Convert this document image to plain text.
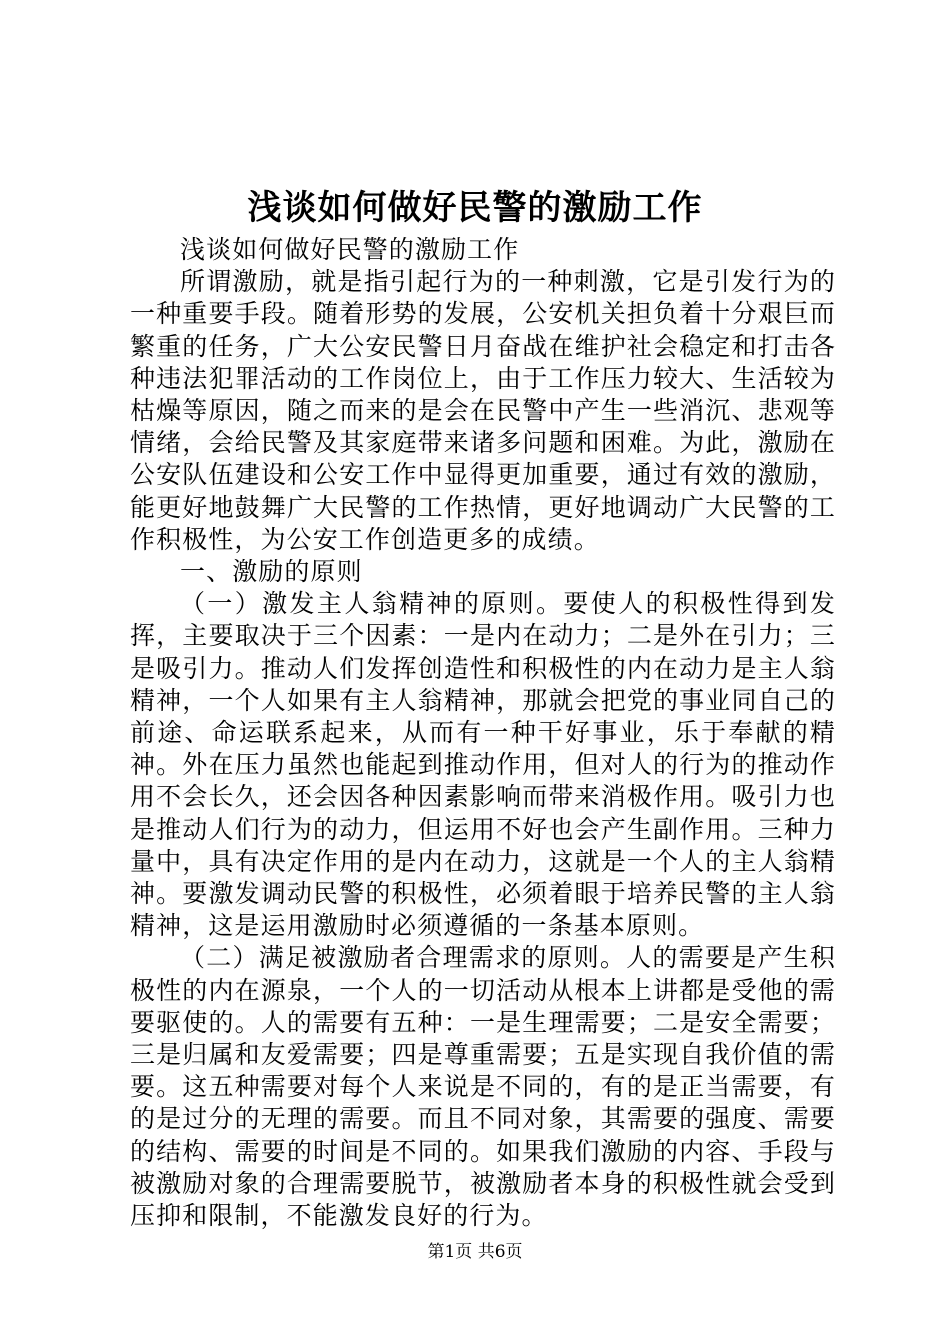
浅谈如何做好民警的激励工作

浅谈如何做好民警的激励工作

所谓激励，就是指引起行为的一种刺激，它是引发行为的一种重要手段。随着形势的发展，公安机关担负着十分艰巨而繁重的任务，广大公安民警日月奋战在维护社会稳定和打击各种违法犯罪活动的工作岗位上，由于工作压力较大、生活较为枯燥等原因，随之而来的是会在民警中产生一些消沉、悲观等情绪，会给民警及其家庭带来诸多问题和困难。为此，激励在公安队伍建设和公安工作中显得更加重要，通过有效的激励，能更好地鼓舞广大民警的工作热情，更好地调动广大民警的工作积极性，为公安工作创造更多的成绩。

一、激励的原则

（一）激发主人翁精神的原则。要使人的积极性得到发挥，主要取决于三个因素：一是内在动力；二是外在引力；三是吸引力。推动人们发挥创造性和积极性的内在动力是主人翁精神，一个人如果有主人翁精神，那就会把党的事业同自己的前途、命运联系起来，从而有一种干好事业，乐于奉献的精神。外在压力虽然也能起到推动作用，但对人的行为的推动作用不会长久，还会因各种因素影响而带来消极作用。吸引力也是推动人们行为的动力，但运用不好也会产生副作用。三种力量中，具有决定作用的是内在动力，这就是一个人的主人翁精神。要激发调动民警的积极性，必须着眼于培养民警的主人翁精神，这是运用激励时必须遵循的一条基本原则。

（二）满足被激励者合理需求的原则。人的需要是产生积极性的内在源泉，一个人的一切活动从根本上讲都是受他的需要驱使的。人的需要有五种：一是生理需要；二是安全需要；三是归属和友爱需要；四是尊重需要；五是实现自我价值的需要。这五种需要对每个人来说是不同的，有的是正当需要，有的是过分的无理的需要。而且不同对象，其需要的强度、需要的结构、需要的时间是不同的。如果我们激励的内容、手段与被激励对象的合理需要脱节，被激励者本身的积极性就会受到压抑和限制，不能激发良好的行为。

第1页 共6页
